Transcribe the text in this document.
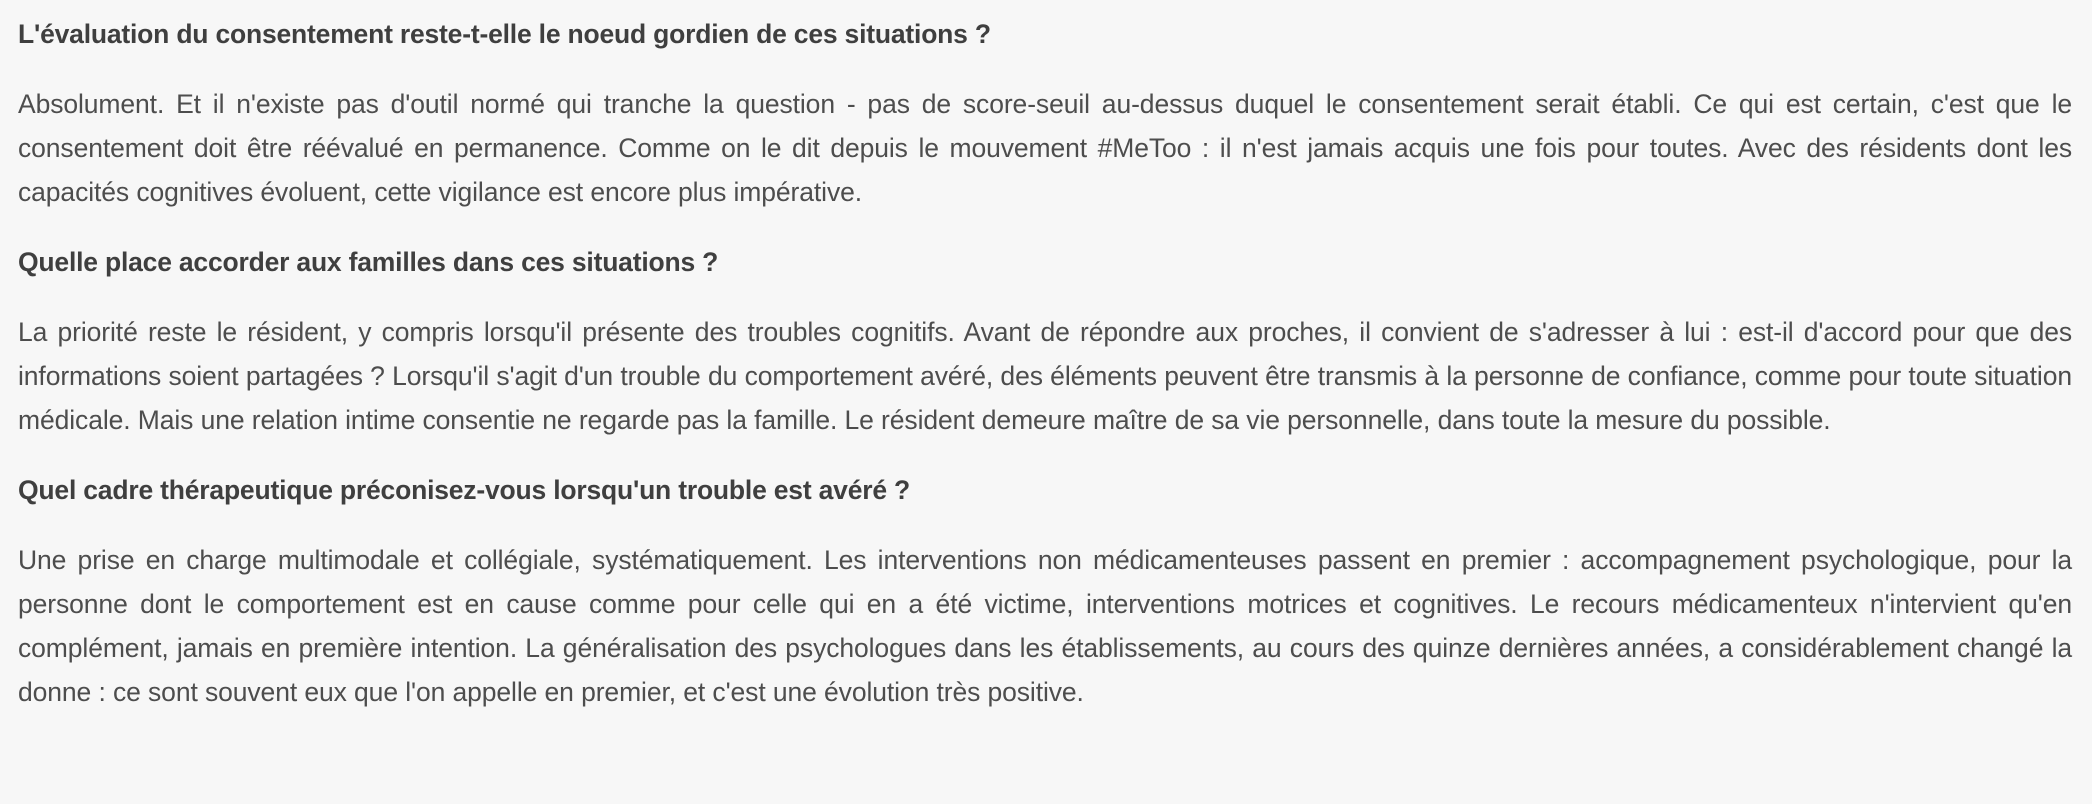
L'évaluation du consentement reste-t-elle le noeud gordien de ces situations ?

Absolument. Et il n'existe pas d'outil normé qui tranche la question - pas de score-seuil au-dessus duquel le consentement serait établi. Ce qui est certain, c'est que le consentement doit être réévalué en permanence. Comme on le dit depuis le mouvement #MeToo : il n'est jamais acquis une fois pour toutes. Avec des résidents dont les capacités cognitives évoluent, cette vigilance est encore plus impérative.

Quelle place accorder aux familles dans ces situations ?

La priorité reste le résident, y compris lorsqu'il présente des troubles cognitifs. Avant de répondre aux proches, il convient de s'adresser à lui : est-il d'accord pour que des informations soient partagées ? Lorsqu'il s'agit d'un trouble du comportement avéré, des éléments peuvent être transmis à la personne de confiance, comme pour toute situation médicale. Mais une relation intime consentie ne regarde pas la famille. Le résident demeure maître de sa vie personnelle, dans toute la mesure du possible.

Quel cadre thérapeutique préconisez-vous lorsqu'un trouble est avéré ?

Une prise en charge multimodale et collégiale, systématiquement. Les interventions non médicamenteuses passent en premier : accompagnement psychologique, pour la personne dont le comportement est en cause comme pour celle qui en a été victime, interventions motrices et cognitives. Le recours médicamenteux n'intervient qu'en complément, jamais en première intention. La généralisation des psychologues dans les établissements, au cours des quinze dernières années, a considérablement changé la donne : ce sont souvent eux que l'on appelle en premier, et c'est une évolution très positive.
